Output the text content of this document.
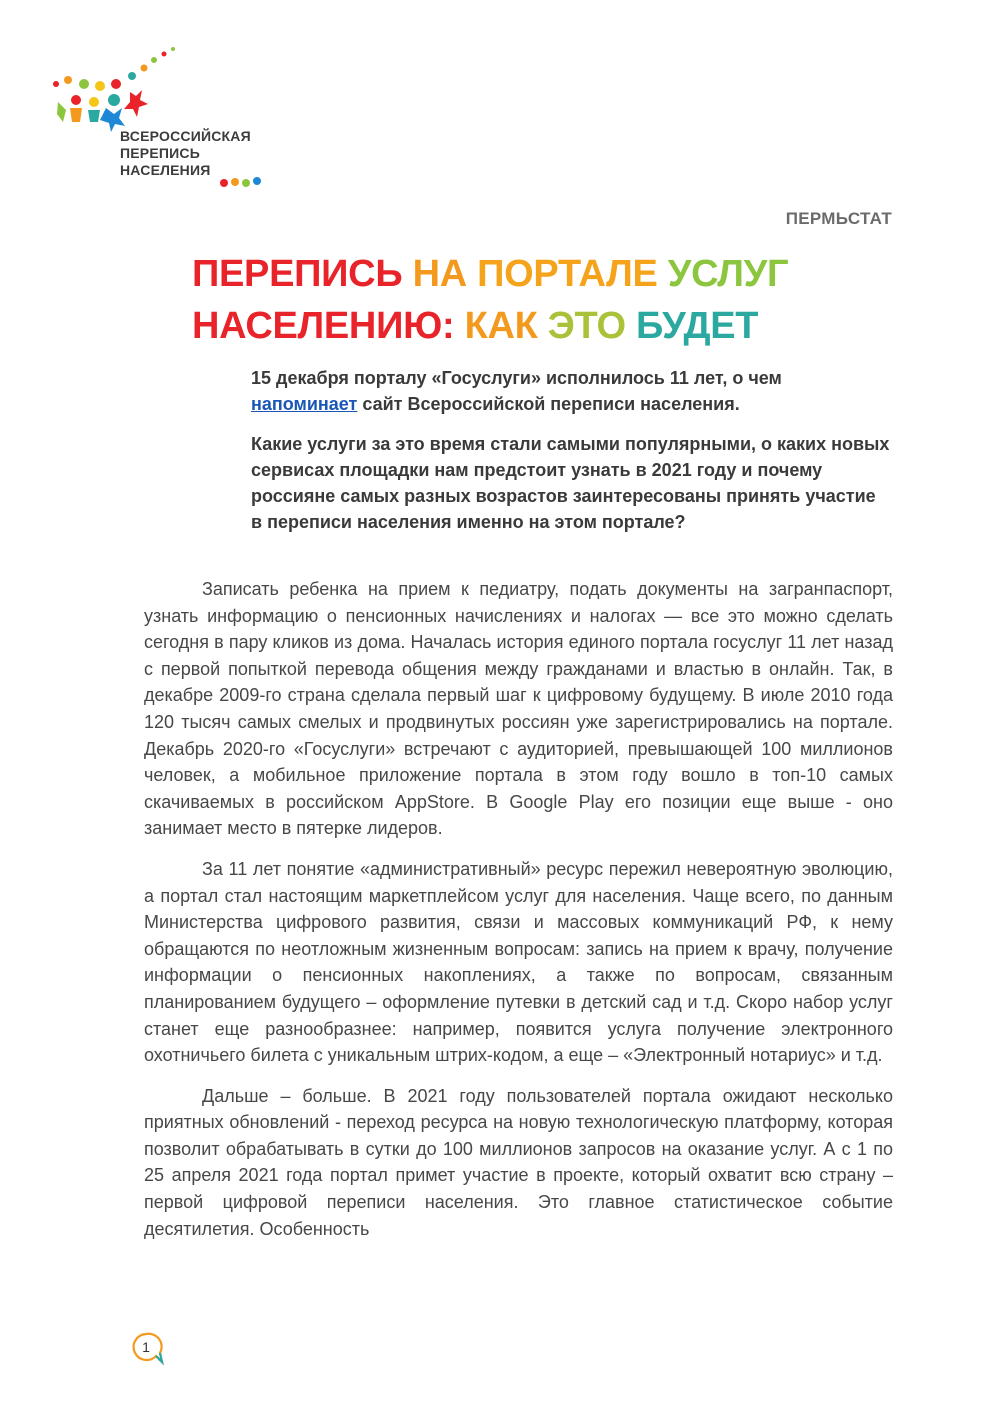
ВСЕРОССИЙСКАЯ
ПЕРЕПИСЬ
НАСЕЛЕНИЯ
ПЕРМЬСТАТ
ПЕРЕПИСЬ НА ПОРТАЛЕ УСЛУГ
НАСЕЛЕНИЮ: КАК ЭТО БУДЕТ

15 декабря порталу «Госуслуги» исполнилось 11 лет, о чем напоминает сайт Всероссийской переписи населения.

Какие услуги за это время стали самыми популярными, о каких новых сервисах площадки нам предстоит узнать в 2021 году и почему россияне самых разных возрастов заинтересованы принять участие в переписи населения именно на этом портале?

Записать ребенка на прием к педиатру, подать документы на загранпаспорт, узнать информацию о пенсионных начислениях и налогах — все это можно сделать сегодня в пару кликов из дома. Началась история единого портала госуслуг 11 лет назад с первой попыткой перевода общения между гражданами и властью в онлайн. Так, в декабре 2009-го страна сделала первый шаг к цифровому будущему. В июле 2010 года 120 тысяч самых смелых и продвинутых россиян уже зарегистрировались на портале. Декабрь 2020-го «Госуслуги» встречают с аудиторией, превышающей 100 миллионов человек, а мобильное приложение портала в этом году вошло в топ-10 самых скачиваемых в российском AppStore. В Google Play его позиции еще выше - оно занимает место в пятерке лидеров.

За 11 лет понятие «административный» ресурс пережил невероятную эволюцию, а портал стал настоящим маркетплейсом услуг для населения. Чаще всего, по данным Министерства цифрового развития, связи и массовых коммуникаций РФ, к нему обращаются по неотложным жизненным вопросам: запись на прием к врачу, получение информации о пенсионных накоплениях, а также по вопросам, связанным планированием будущего – оформление путевки в детский сад и т.д. Скоро набор услуг станет еще разнообразнее: например, появится услуга получение электронного охотничьего билета с уникальным штрих-кодом, а еще – «Электронный нотариус» и т.д.

Дальше – больше. В 2021 году пользователей портала ожидают несколько приятных обновлений - переход ресурса на новую технологическую платформу, которая позволит обрабатывать в сутки до 100 миллионов запросов на оказание услуг. А с 1 по 25 апреля 2021 года портал примет участие в проекте, который охватит всю страну – первой цифровой переписи населения. Это главное статистическое событие десятилетия. Особенность

1
